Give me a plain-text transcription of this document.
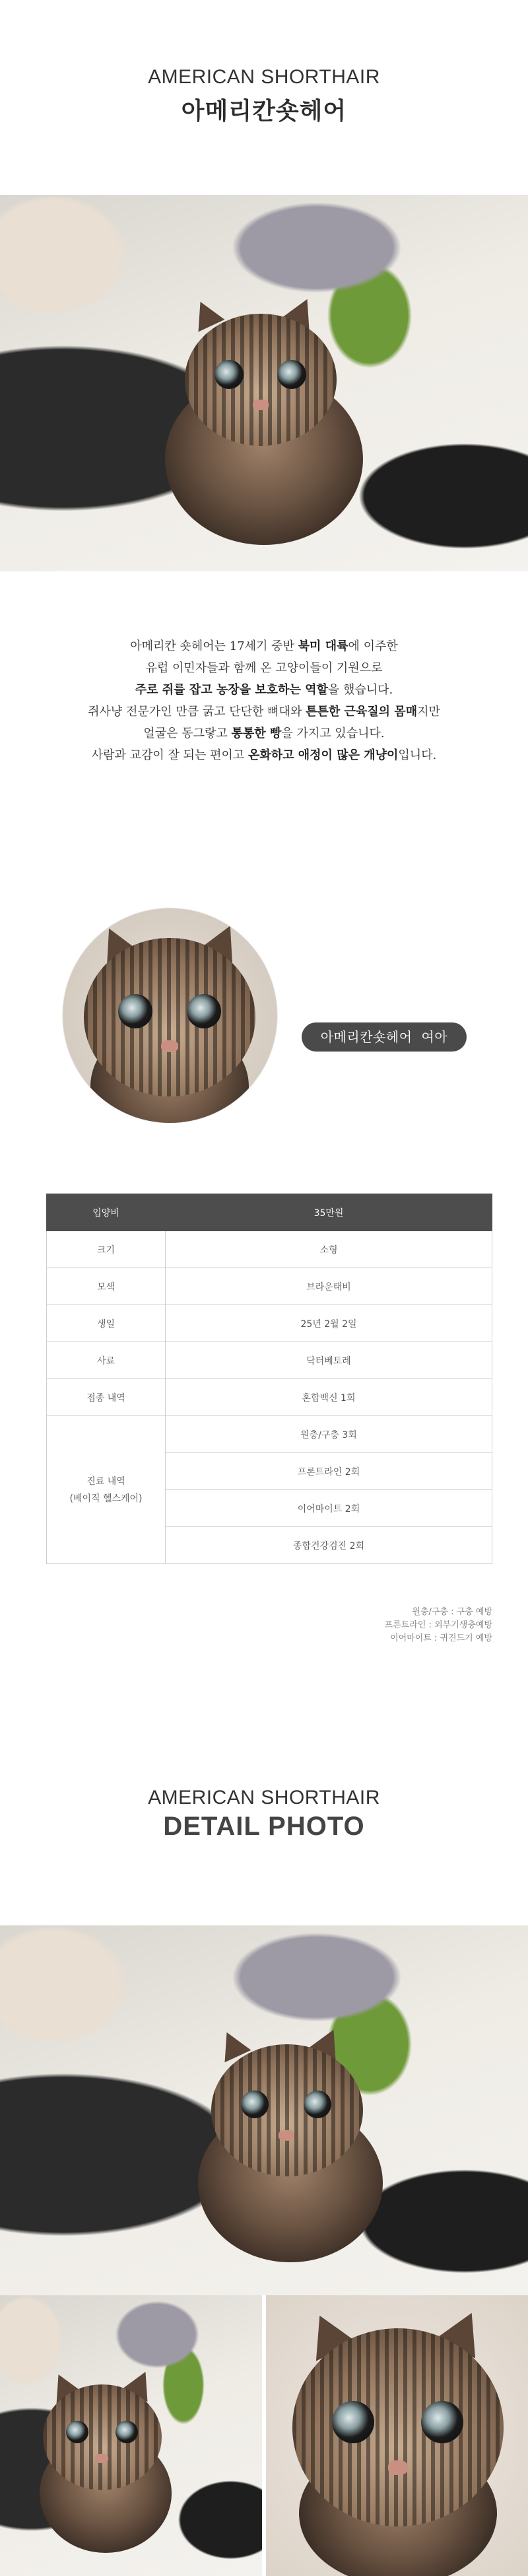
AMERICAN SHORTHAIR
아메리칸숏헤어

아메리칸 숏헤어는 17세기 중반 북미 대륙에 이주한

유럽 이민자들과 함께 온 고양이들이 기원으로

주로 쥐를 잡고 농장을 보호하는 역할을 했습니다.

쥐사냥 전문가인 만큼 굵고 단단한 뼈대와 튼튼한 근육질의 몸매지만

얼굴은 동그랗고 통통한 빵을 가지고 있습니다.

사람과 교감이 잘 되는 편이고 온화하고 애정이 많은 개냥이입니다.

아메리칸숏헤어 여아
입양비	35만원
크기	소형
모색	브라운태비
생일	25년 2월 2일
사료	닥터베토레
접종 내역	혼합백신 1회
진료 내역
(베이직 헬스케어)	원충/구충 3회
	프론트라인 2회
	이어마이트 2회
	종합건강검진 2회
원충/구충 : 구충 예방
프론트라인 : 외부기생충예방
이어마이트 : 귀진드기 예방
AMERICAN SHORTHAIR
DETAIL PHOTO
